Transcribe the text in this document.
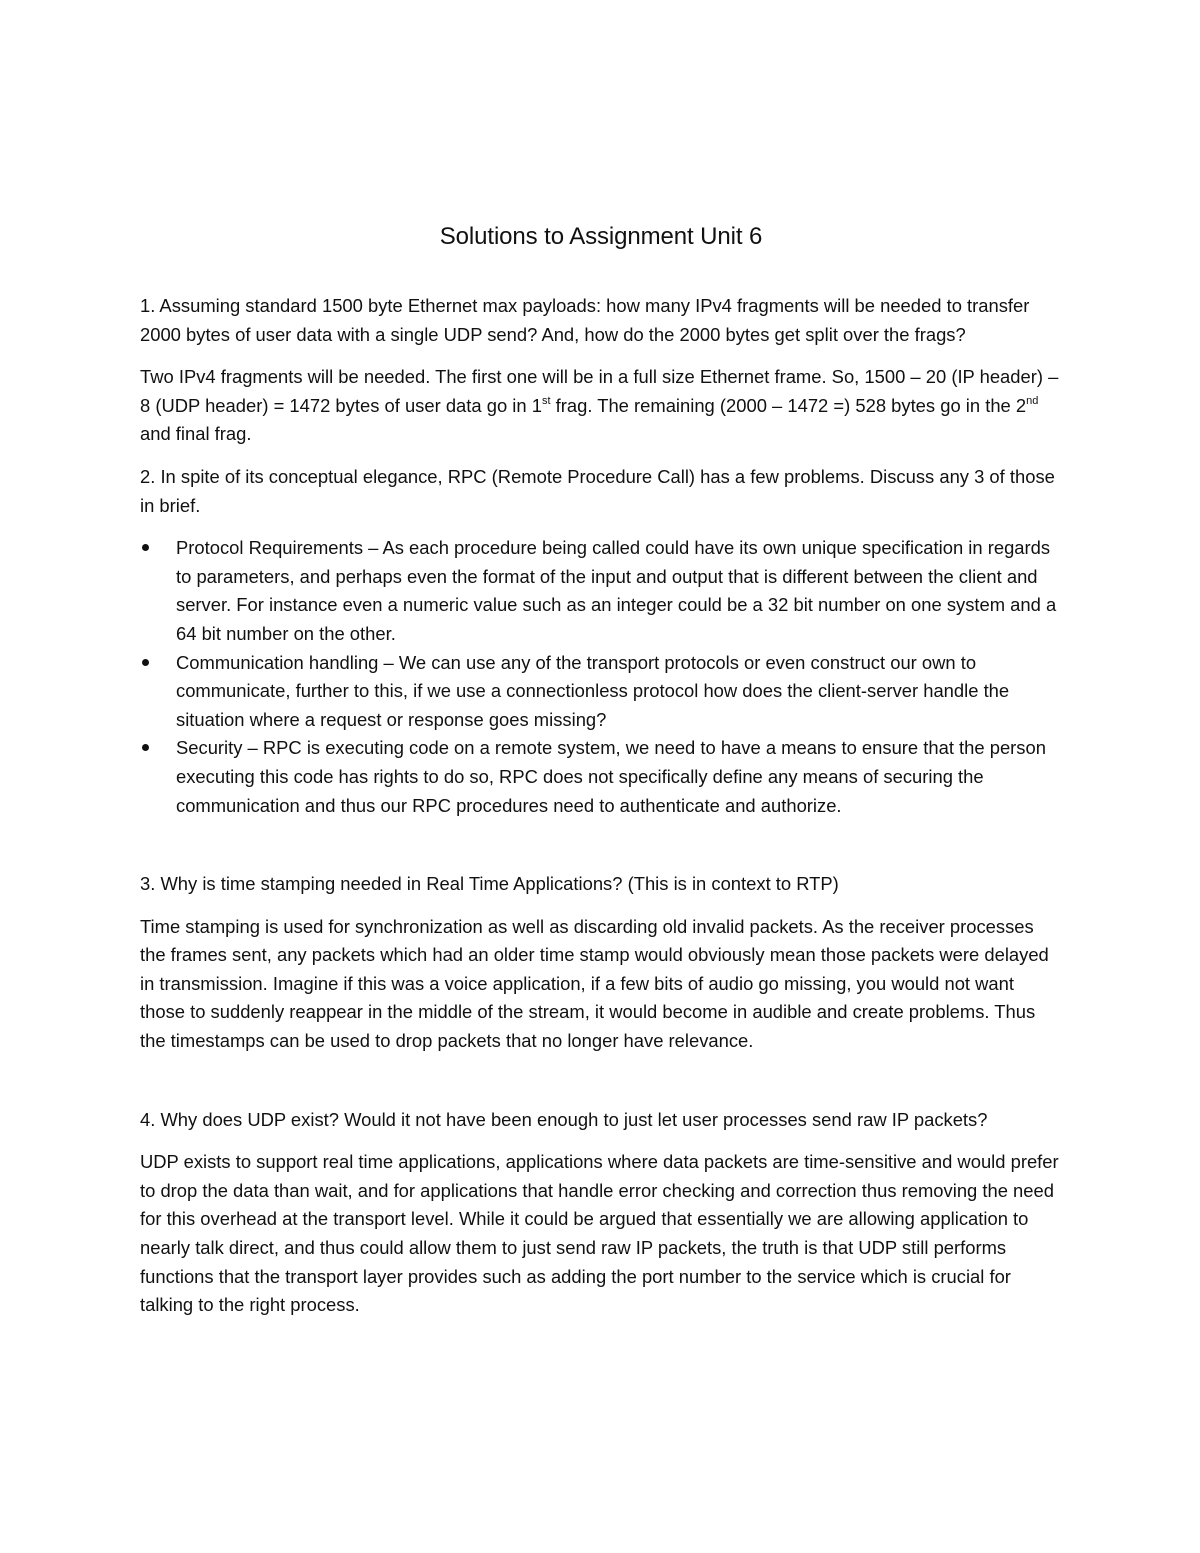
Solutions to Assignment Unit 6

1. Assuming standard 1500 byte Ethernet max payloads: how many IPv4 fragments will be needed to transfer 2000 bytes of user data with a single UDP send? And, how do the 2000 bytes get split over the frags?

Two IPv4 fragments will be needed. The first one will be in a full size Ethernet frame. So, 1500 – 20 (IP header) – 8 (UDP header) = 1472 bytes of user data go in 1st frag. The remaining (2000 – 1472 =) 528 bytes go in the 2nd and final frag.

2. In spite of its conceptual elegance, RPC (Remote Procedure Call) has a few problems. Discuss any 3 of those in brief.

Protocol Requirements – As each procedure being called could have its own unique specification in regards to parameters, and perhaps even the format of the input and output that is different between the client and server. For instance even a numeric value such as an integer could be a 32 bit number on one system and a 64 bit number on the other.
Communication handling – We can use any of the transport protocols or even construct our own to communicate, further to this, if we use a connectionless protocol how does the client-server handle the situation where a request or response goes missing?
Security – RPC is executing code on a remote system, we need to have a means to ensure that the person executing this code has rights to do so, RPC does not specifically define any means of securing the communication and thus our RPC procedures need to authenticate and authorize.

3. Why is time stamping needed in Real Time Applications? (This is in context to RTP)

Time stamping is used for synchronization as well as discarding old invalid packets. As the receiver processes the frames sent, any packets which had an older time stamp would obviously mean those packets were delayed in transmission. Imagine if this was a voice application, if a few bits of audio go missing, you would not want those to suddenly reappear in the middle of the stream, it would become in audible and create problems. Thus the timestamps can be used to drop packets that no longer have relevance.

4. Why does UDP exist? Would it not have been enough to just let user processes send raw IP packets?

UDP exists to support real time applications, applications where data packets are time-sensitive and would prefer to drop the data than wait, and for applications that handle error checking and correction thus removing the need for this overhead at the transport level. While it could be argued that essentially we are allowing application to nearly talk direct, and thus could allow them to just send raw IP packets, the truth is that UDP still performs functions that the transport layer provides such as adding the port number to the service which is crucial for talking to the right process.
